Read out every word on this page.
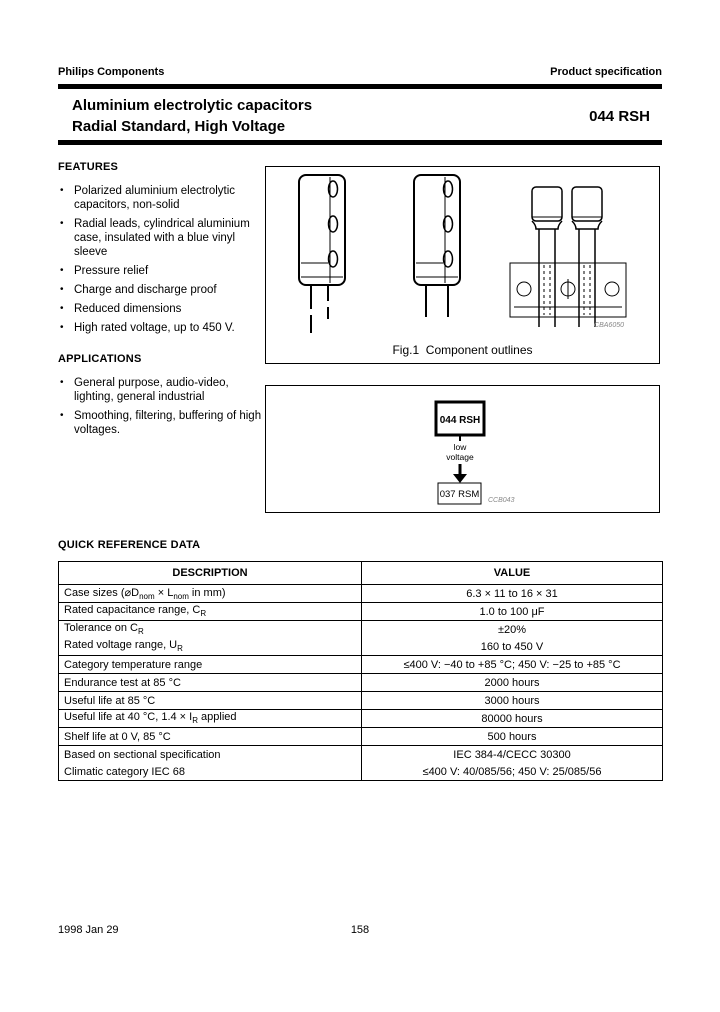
Philips Components	Product specification
Aluminium electrolytic capacitors
Radial Standard, High Voltage
044 RSH
FEATURES
• Polarized aluminium electrolytic capacitors, non-solid
• Radial leads, cylindrical aluminium case, insulated with a blue vinyl sleeve
• Pressure relief
• Charge and discharge proof
• Reduced dimensions
• High rated voltage, up to 450 V.
APPLICATIONS
• General purpose, audio-video, lighting, general industrial
• Smoothing, filtering, buffering of high voltages.
CBA6050
Fig.1  Component outlines
044 RSH
low
voltage
037 RSM
CCB043
QUICK REFERENCE DATA
DESCRIPTION	VALUE
Case sizes ($⌀D_{nom} \times L_{nom}$ in mm)	6.3 × 11 to 16 × 31
Rated capacitance range, $C_R$	1.0 to 100 μF
Tolerance on $C_R$	±20%
Rated voltage range, $U_R$	160 to 450 V
Category temperature range	≤400 V: −40 to +85 °C; 450 V: −25 to +85 °C
Endurance test at 85 °C	2000 hours
Useful life at 85 °C	3000 hours
Useful life at 40 °C, $1.4 \times I_R$ applied	80000 hours
Shelf life at 0 V, 85 °C	500 hours
Based on sectional specification	IEC 384-4/CECC 30300
Climatic category IEC 68	≤400 V: 40/085/56; 450 V: 25/085/56
158
1998 Jan 29
